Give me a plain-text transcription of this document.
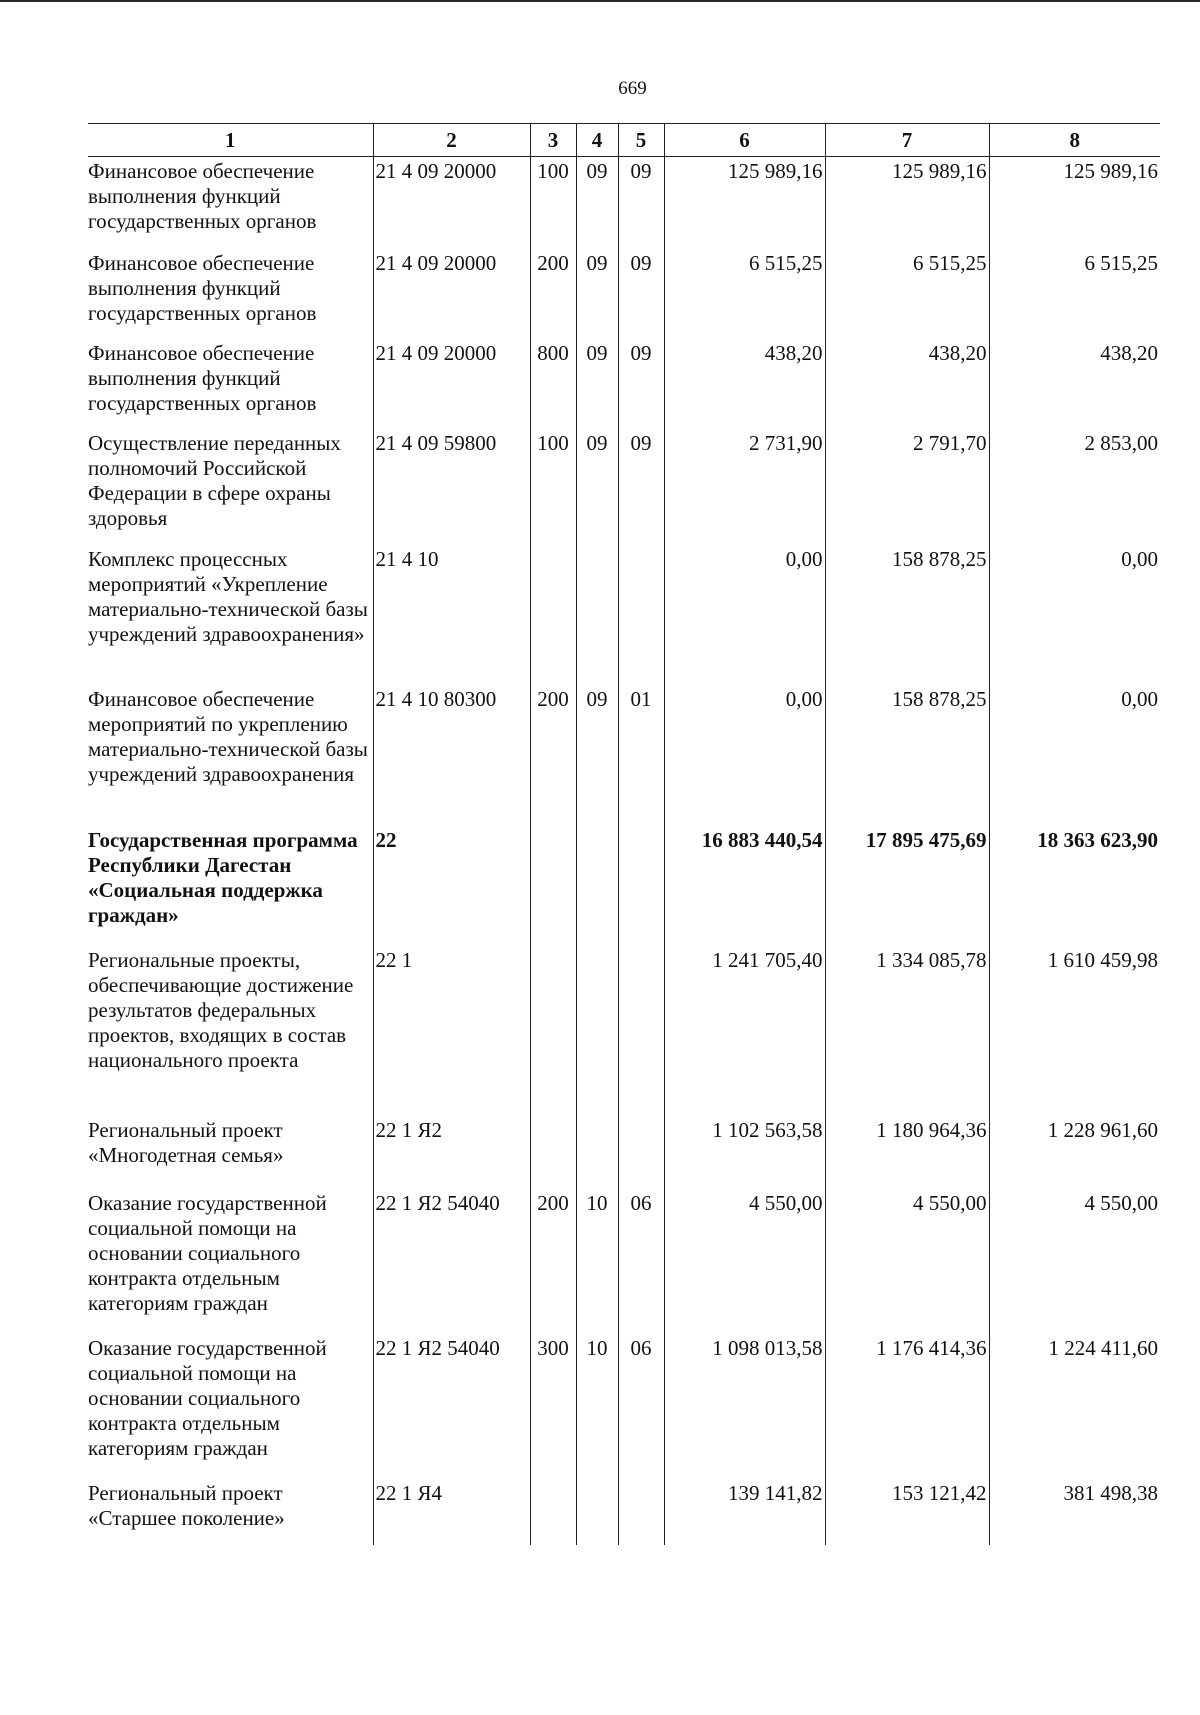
669
1	2	3	4	5	6	7	8
Финансовое обеспечение выполнения функций государственных органов	21 4 09 20000	100	09	09	125 989,16	125 989,16	125 989,16
Финансовое обеспечение выполнения функций государственных органов	21 4 09 20000	200	09	09	6 515,25	6 515,25	6 515,25
Финансовое обеспечение выполнения функций государственных органов	21 4 09 20000	800	09	09	438,20	438,20	438,20
Осуществление переданных полномочий Российской Федерации в сфере охраны здоровья	21 4 09 59800	100	09	09	2 731,90	2 791,70	2 853,00
Комплекс процессных мероприятий «Укрепление материально-технической базы учреждений здравоохранения»	21 4 10				0,00	158 878,25	0,00
Финансовое обеспечение мероприятий по укреплению материально-технической базы учреждений здравоохранения	21 4 10 80300	200	09	01	0,00	158 878,25	0,00
Государственная программа Республики Дагестан «Социальная поддержка граждан»	22				16 883 440,54	17 895 475,69	18 363 623,90
Региональные проекты, обеспечивающие достижение результатов федеральных проектов, входящих в состав национального проекта	22 1				1 241 705,40	1 334 085,78	1 610 459,98
Региональный проект «Многодетная семья»	22 1 Я2				1 102 563,58	1 180 964,36	1 228 961,60
Оказание государственной социальной помощи на основании социального контракта отдельным категориям граждан	22 1 Я2 54040	200	10	06	4 550,00	4 550,00	4 550,00
Оказание государственной социальной помощи на основании социального контракта отдельным категориям граждан	22 1 Я2 54040	300	10	06	1 098 013,58	1 176 414,36	1 224 411,60
Региональный проект «Старшее поколение»	22 1 Я4				139 141,82	153 121,42	381 498,38
